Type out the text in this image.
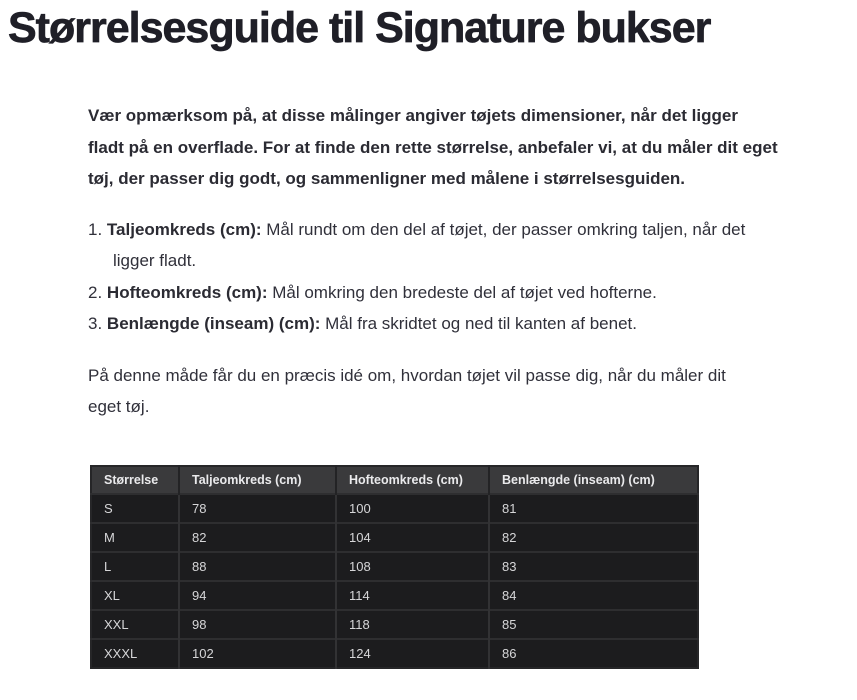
Størrelsesguide til Signature bukser

Vær opmærksom på, at disse målinger angiver tøjets dimensioner, når det ligger fladt på en overflade. For at finde den rette størrelse, anbefaler vi, at du måler dit eget tøj, der passer dig godt, og sammenligner med målene i størrelsesguiden.

1. Taljeomkreds (cm): Mål rundt om den del af tøjet, der passer omkring taljen, når det ligger fladt.
2. Hofteomkreds (cm): Mål omkring den bredeste del af tøjet ved hofterne.
3. Benlængde (inseam) (cm): Mål fra skridtet og ned til kanten af benet.

På denne måde får du en præcis idé om, hvordan tøjet vil passe dig, når du måler dit eget tøj.

Størrelse	Taljeomkreds (cm)	Hofteomkreds (cm)	Benlængde (inseam) (cm)
S	78	100	81
M	82	104	82
L	88	108	83
XL	94	114	84
XXL	98	118	85
XXXL	102	124	86
